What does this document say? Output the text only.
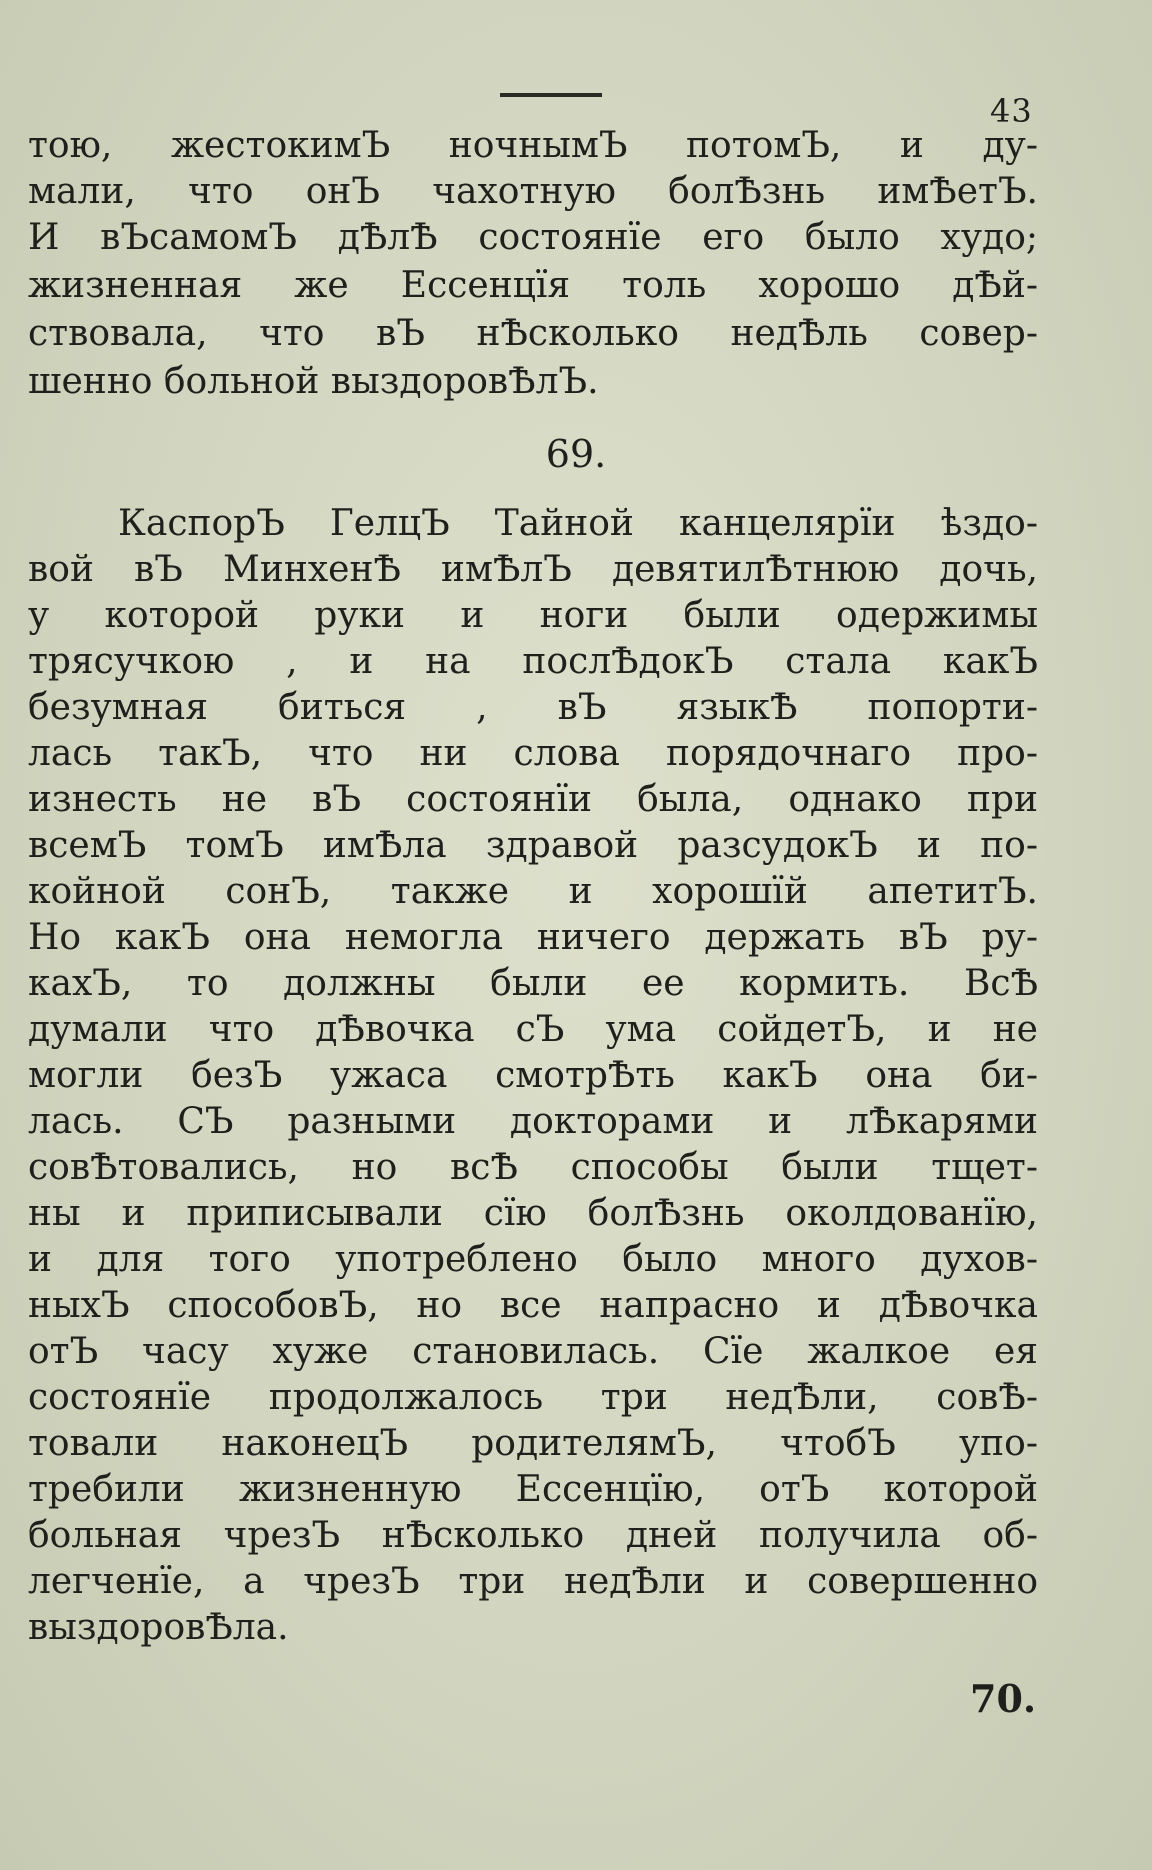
43
тою, жестокимЪ ночнымЪ потомЪ, и ду-
мали, что онЪ чахотную болѢзнь имѢетЪ.
И вЪсамомЪ дѢлѢ состоянїе его было худо;
жизненная же Ессенцїя толь хорошо дѢй-
ствовала, что вЪ нѢсколько недѢль совер-
шенно больной выздоровѢлЪ.
69.
КаспорЪ ГелцЪ Тайной канцелярїи ѣздо-
вой вЪ МинхенѢ имѢлЪ девятилѢтнюю дочь,
у которой руки и ноги были одержимы
трясучкою , и на послѢдокЪ стала какЪ
безумная биться , вЪ языкѢ попорти-
лась такЪ, что ни слова порядочнаго про-
изнесть не вЪ состоянїи была, однако при
всемЪ томЪ имѢла здравой разсудокЪ и по-
койной сонЪ, также и хорошїй апетитЪ.
Но какЪ она немогла ничего держать вЪ ру-
кахЪ, то должны были ее кормить. ВсѢ
думали что дѢвочка сЪ ума сойдетЪ, и не
могли безЪ ужаса смотрѢть какЪ она би-
лась. СЪ разными докторами и лѢкарями
совѢтовались, но всѢ способы были тщет-
ны и приписывали сїю болѢзнь околдованїю,
и для того употреблено было много духов-
ныхЪ способовЪ, но все напрасно и дѢвочка
отЪ часу хуже становилась. Сїе жалкое ея
состоянїе продолжалось три недѢли, совѢ-
товали наконецЪ родителямЪ, чтобЪ упо-
требили жизненную Ессенцїю, отЪ которой
больная чрезЪ нѢсколько дней получила об-
легченїе, а чрезЪ три недѢли и совершенно
выздоровѢла.
70.
